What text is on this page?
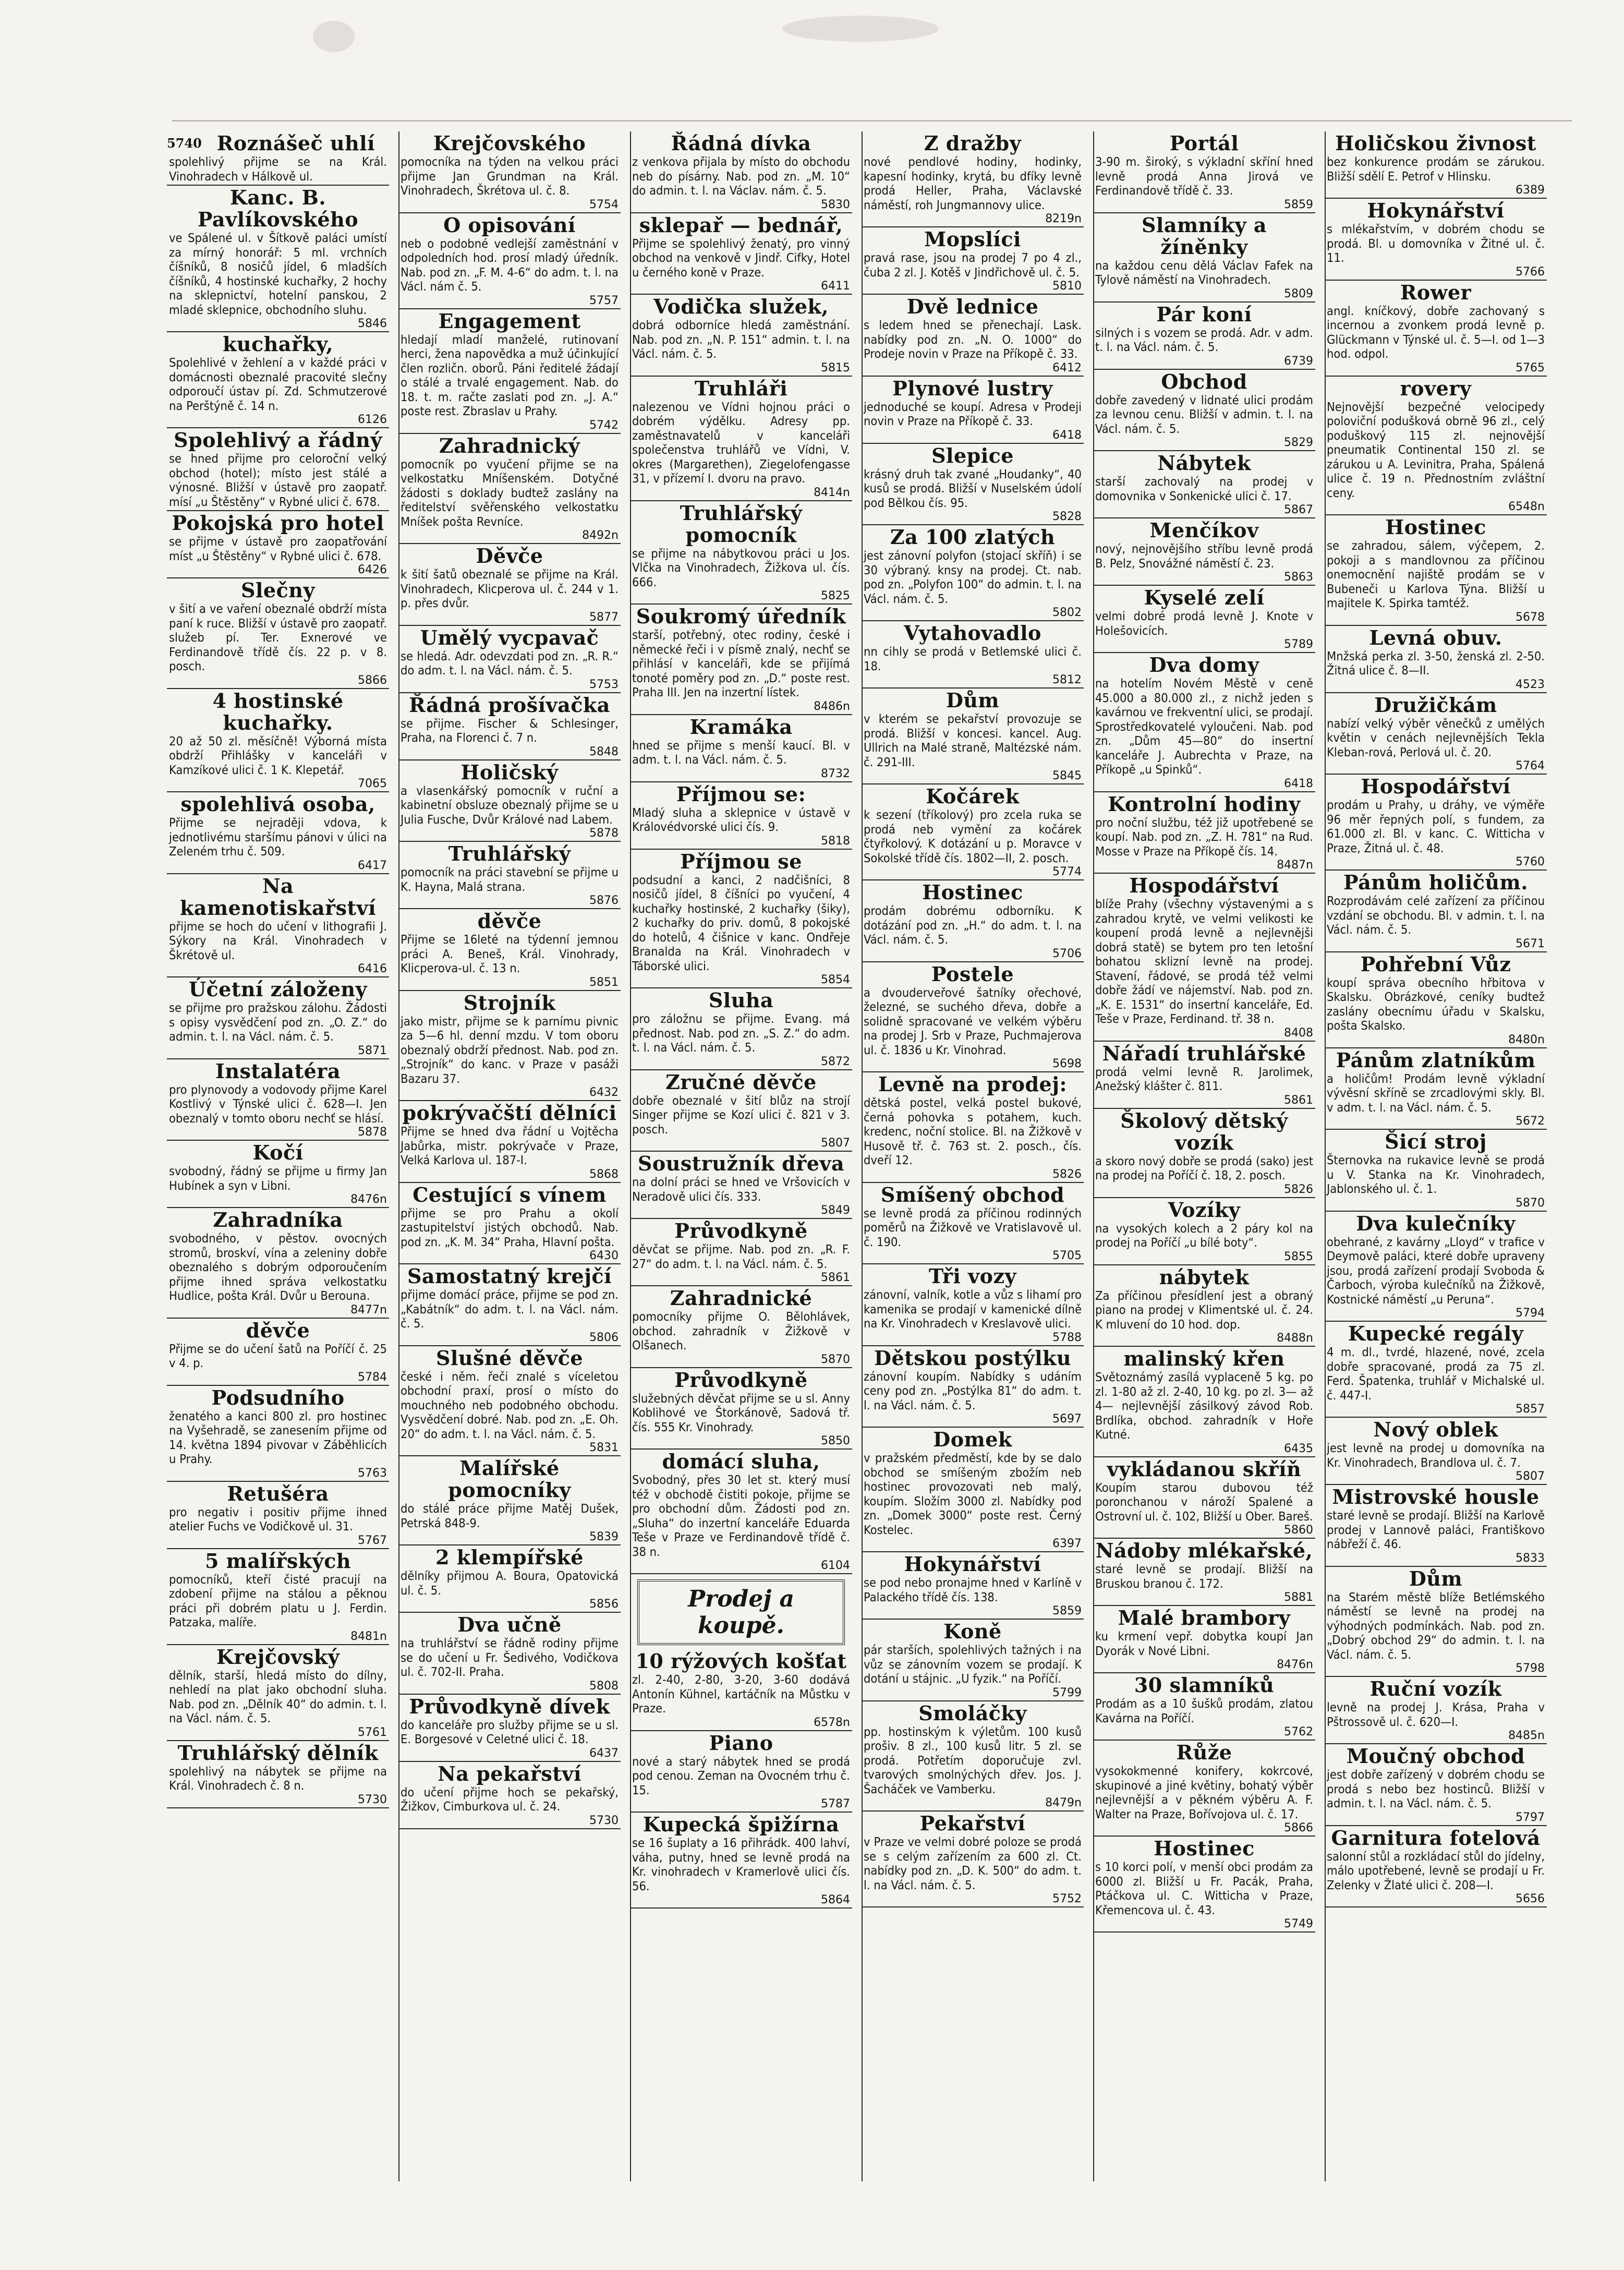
5740 Roznášeč uhlí
spolehlivý přijme se na Král. Vinohradech v Hálkově ul.
Kanc. B. Pavlíkovského
ve Spálené ul. v Šítkově paláci umístí za mírný honorář: 5 ml. vrchních číšníků, 8 nosičů jídel, 6 mladších číšníků, 4 hostinské kuchařky, 2 hochy na sklepnictví, hotelní panskou, 2 mladé sklepnice, obchodního sluhu.
5846
kuchařky,
Spolehlivé v žehlení a v každé práci v domácnosti obeznalé pracovité slečny odporoučí ústav pí. Zd. Schmutzerové na Perštýně č. 14 n.
6126
Spolehlivý a řádný
se hned přijme pro celoroční velký obchod (hotel); místo jest stálé a výnosné. Bližší v ústavě pro zaopatř. mísí „u Štěstěny“ v Rybné ulici č. 678.
Pokojská pro hotel
se přijme v ústavě pro zaopatřování míst „u Štěstěny“ v Rybné ulici č. 678.
6426
Slečny
v šití a ve vaření obeznalé obdrží místa paní k ruce. Bližší v ústavě pro zaopatř. služeb pí. Ter. Exnerové ve Ferdinandově třídě čís. 22 p. v 8. posch.
5866
4 hostinské kuchařky.
20 až 50 zl. měsíčně! Výborná místa obdrží Přihlášky v kanceláři v Kamzíkové ulici č. 1 K. Klepetář.
7065
spolehlivá osoba,
Přijme se nejraději vdova, k jednotlivému staršímu pánovi v úlici na Zeleném trhu č. 509.
6417
Na kamenotiskařství
přijme se hoch do učení v lithografii J. Sýkory na Král. Vinohradech v Škrétově ul.
6416
Účetní záloženy
se přijme pro pražskou zálohu. Žádosti s opisy vysvědčení pod zn. „O. Z.“ do admin. t. l. na Václ. nám. č. 5.
5871
Instalatéra
pro plynovody a vodovody přijme Karel Kostlivý v Týnské ulici č. 628—I. Jen obeznalý v tomto oboru nechť se hlásí.
5878
Kočí
svobodný, řádný se přijme u firmy Jan Hubínek a syn v Libni.
8476n
Zahradníka
svobodného, v pěstov. ovocných stromů, broskví, vína a zeleniny dobře obeznalého s dobrým odporoučením přijme ihned správa velkostatku Hudlice, pošta Král. Dvůr u Berouna.
8477n
děvče
Přijme se do učení šatů na Poříčí č. 25 v 4. p.
5784
Podsudního
ženatého a kanci 800 zl. pro hostinec na Vyšehradě, se zanesením přijme od 14. května 1894 pivovar v Záběhlicích u Prahy.
5763
Retušéra
pro negativ i positiv přijme ihned atelier Fuchs ve Vodičkově ul. 31.
5767
5 malířských
pomocníků, kteří čisté pracují na zdobení přijme na stálou a pěknou práci při dobrém platu u J. Ferdin. Patzaka, malíře.
8481n
Krejčovský
dělník, starší, hledá místo do dílny, nehledí na plat jako obchodní sluha. Nab. pod zn. „Dělník 40“ do admin. t. l. na Václ. nám. č. 5.
5761
Truhlářský dělník
spolehlivý na nábytek se přijme na Král. Vinohradech č. 8 n.
5730
Krejčovského
pomocníka na týden na velkou práci přijme Jan Grundman na Král. Vinohradech, Škrétova ul. č. 8.
5754
O opisování
neb o podobné vedlejší zaměstnání v odpoledních hod. prosí mladý úředník. Nab. pod zn. „F. M. 4-6“ do adm. t. l. na Václ. nám č. 5.
5757
Engagement
hledají mladí manželé, rutinovaní herci, žena napovědka a muž účinkující člen rozličn. oborů. Páni ředitelé žádají o stálé a trvalé engagement. Nab. do 18. t. m. račte zaslati pod zn. „J. A.“ poste rest. Zbraslav u Prahy.
5742
Zahradnický
pomocník po vyučení přijme se na velkostatku Mníšenském. Dotyčné žádosti s doklady budtež zaslány na ředitelství svěřenského velkostatku Mníšek pošta Revníce.
8492n
Děvče
k šití šatů obeznalé se přijme na Král. Vinohradech, Klicperova ul. č. 244 v 1. p. přes dvůr.
5877
Umělý vycpavač
se hledá. Adr. odevzdati pod zn. „R. R.“ do adm. t. l. na Václ. nám. č. 5.
5753
Řádná prošívačka
se přijme. Fischer & Schlesinger, Praha, na Florenci č. 7 n.
5848
Holičský
a vlasenkářský pomocník v ruční a kabinetní obsluze obeznalý přijme se u Julia Fusche, Dvůr Králové nad Labem.
5878
Truhlářský
pomocník na práci stavební se přijme u K. Hayna, Malá strana.
5876
děvče
Přijme se 16leté na týdenní jemnou práci A. Beneš, Král. Vinohrady, Klicperova-ul. č. 13 n.
5851
Strojník
jako mistr, přijme se k parnímu pivnic za 5—6 hl. denní mzdu. V tom oboru obeznalý obdrží přednost. Nab. pod zn. „Strojník“ do kanc. v Praze v pasáži Bazaru 37.
6432
pokrývačští dělníci
Přijme se hned dva řádní u Vojtěcha Jabůrka, mistr. pokrývače v Praze, Velká Karlova ul. 187-I.
5868
Cestující s vínem
přijme se pro Prahu a okolí zastupitelství jistých obchodů. Nab. pod zn. „K. M. 34“ Praha, Hlavní pošta.
6430
Samostatný krejčí
přijme domácí práce, přijme se pod zn. „Kabátník“ do adm. t. l. na Václ. nám. č. 5.
5806
Slušné děvče
české i něm. řeči znalé s víceletou obchodní praxí, prosí o místo do mouchného neb podobného obchodu. Vysvědčení dobré. Nab. pod zn. „E. Oh. 20“ do adm. t. l. na Václ. nám. č. 5.
5831
Malířské pomocníky
do stálé práce přijme Matěj Dušek, Petrská 848-9.
5839
2 klempířské
dělníky přijmou A. Boura, Opatovická ul. č. 5.
5856
Dva učně
na truhlářství se řádně rodiny přijme se do učení u Fr. Šedivého, Vodičkova ul. č. 702-II. Praha.
5808
Průvodkyně dívek
do kanceláře pro služby přijme se u sl. E. Borgesové v Celetné ulici č. 18.
6437
Na pekařství
do učení přijme hoch se pekařský, Žižkov, Cimburkova ul. č. 24.
5730
Řádná dívka
z venkova přijala by místo do obchodu neb do písárny. Nab. pod zn. „M. 10“ do admin. t. l. na Václav. nám. č. 5.
5830
sklepař — bednář,
Přijme se spolehlivý ženatý, pro vinný obchod na venkově v Jindř. Cifky, Hotel u černého koně v Praze.
6411
Vodička služek,
dobrá odborníce hledá zaměstnání. Nab. pod zn. „N. P. 151“ admin. t. l. na Václ. nám. č. 5.
5815
Truhláři
nalezenou ve Vídni hojnou práci o dobrém výdělku. Adresy pp. zaměstnavatelů v kanceláři společenstva truhlářů ve Vídni, V. okres (Margarethen), Ziegelofengasse 31, v přízemí I. dvoru na pravo.
8414n
Truhlářský pomocník
se přijme na nábytkovou práci u Jos. Vlčka na Vinohradech, Žižkova ul. čís. 666.
5825
Soukromý úředník
starší, potřebný, otec rodiny, české i německé řeči i v písmě znalý, nechť se přihlásí v kanceláři, kde se přijímá tonoté poměry pod zn. „D.“ poste rest. Praha III. Jen na inzertní lístek.
8486n
Kramáka
hned se přijme s menší kaucí. Bl. v adm. t. l. na Václ. nám. č. 5.
8732
Příjmou se:
Mladý sluha a sklepnice v ústavě v Královédvorské ulici čís. 9.
5818
Příjmou se
podsudní a kanci, 2 nadčišníci, 8 nosičů jídel, 8 číšníci po vyučení, 4 kuchařky hostinské, 2 kuchařky (šiky), 2 kuchařky do priv. domů, 8 pokojské do hotelů, 4 čišnice v kanc. Ondřeje Branalda na Král. Vinohradech v Táborské ulici.
5854
Sluha
pro záložnu se přijme. Evang. má přednost. Nab. pod zn. „S. Z.“ do adm. t. l. na Václ. nám. č. 5.
5872
Zručné děvče
dobře obeznalé v šití blůz na strojí Singer přijme se Kozí ulici č. 821 v 3. posch.
5807
Soustružník dřeva
na dolní práci se hned ve Vršovicích v Neradově ulici čís. 333.
5849
Průvodkyně
děvčat se přijme. Nab. pod zn. „R. F. 27“ do adm. t. l. na Václ. nám. č. 5.
5861
Zahradnické
pomocníky přijme O. Bělohlávek, obchod. zahradník v Žižkově v Olšanech.
5870
Průvodkyně
služebných děvčat přijme se u sl. Anny Koblihové ve Štorkánově, Sadová tř. čís. 555 Kr. Vinohrady.
5850
domácí sluha,
Svobodný, přes 30 let st. který musí též v obchodě čistiti pokoje, přijme se pro obchodní dům. Žádosti pod zn. „Sluha“ do inzertní kanceláře Eduarda Teše v Praze ve Ferdinandově třídě č. 38 n.
6104
Prodej a koupě.
10 rýžových košťat
zl. 2-40, 2-80, 3-20, 3-60 dodává Antonín Kühnel, kartáčník na Můstku v Praze.
6578n
Piano
nové a starý nábytek hned se prodá pod cenou. Zeman na Ovocném trhu č. 15.
5787
Kupecká špižírna
se 16 šuplaty a 16 přihrádk. 400 lahví, váha, putny, hned se levně prodá na Kr. vinohradech v Kramerlově ulici čís. 56.
5864
Z dražby
nové pendlové hodiny, hodinky, kapesní hodinky, krytá, bu dfíky levně prodá Heller, Praha, Václavské náměstí, roh Jungmannovy ulice.
8219n
Mopslíci
pravá rase, jsou na prodej 7 po 4 zl., čuba 2 zl. J. Kotěš v Jindřichově ul. č. 5.
5810
Dvě lednice
s ledem hned se přenechají. Lask. nabídky pod zn. „N. O. 1000“ do Prodeje novin v Praze na Příkopě č. 33.
6412
Plynové lustry
jednoduché se koupí. Adresa v Prodeji novin v Praze na Příkopě č. 33.
6418
Slepice
krásný druh tak zvané „Houdanky“, 40 kusů se prodá. Bližší v Nuselském údolí pod Bělkou čís. 95.
5828
Za 100 zlatých
jest zánovní polyfon (stojací skříň) i se 30 výbraný. knsy na prodej. Ct. nab. pod zn. „Polyfon 100“ do admin. t. l. na Václ. nám. č. 5.
5802
Vytahovadlo
nn cihly se prodá v Betlemské ulici č. 18.
5812
Dům
v kterém se pekařství provozuje se prodá. Bližší v koncesi. kancel. Aug. Ullrich na Malé straně, Maltézské nám. č. 291-III.
5845
Kočárek
k sezení (tříkolový) pro zcela ruka se prodá neb vymění za kočárek čtyřkolový. K dotázání u p. Moravce v Sokolské třídě čís. 1802—II, 2. posch.
5774
Hostinec
prodám dobrému odborníku. K dotázání pod zn. „H.“ do adm. t. l. na Václ. nám. č. 5.
5706
Postele
a dvouderveřové šatníky ořechové, železné, se suchého dřeva, dobře a solidně spracované ve velkém výběru na prodej J. Srb v Praze, Puchmajerova ul. č. 1836 u Kr. Vinohrad.
5698
Levně na prodej:
dětská postel, velká postel bukové, černá pohovka s potahem, kuch. kredenc, noční stolice. Bl. na Žižkově v Husově tř. č. 763 st. 2. posch., čís. dveří 12.
5826
Smíšený obchod
se levně prodá za příčinou rodinných poměrů na Žižkově ve Vratislavově ul. č. 190.
5705
Tři vozy
zánovní, valník, kotle a vůz s lihamí pro kamenika se prodají v kamenické dílně na Kr. Vinohradech v Kreslavově ulici.
5788
Dětskou postýlku
zánovní koupím. Nabídky s udáním ceny pod zn. „Postýlka 81“ do adm. t. l. na Václ. nám. č. 5.
5697
Domek
v pražském předměstí, kde by se dalo obchod se smíšeným zbožím neb hostinec provozovati neb malý, koupím. Složím 3000 zl. Nabídky pod zn. „Domek 3000“ poste rest. Černý Kostelec.
6397
Hokynářství
se pod nebo pronajme hned v Karlíně v Palackého třídě čís. 138.
5859
Koně
pár starších, spolehlivých tažných i na vůz se zánovním vozem se prodají. K dotání u stájnic. „U fyzik.“ na Poříčí.
5799
Smoláčky
pp. hostinským k výletům. 100 kusů prošiv. 8 zl., 100 kusů litr. 5 zl. se prodá. Potřetím doporučuje zvl. tvarových smolnýchých dřev. Jos. J. Šacháček ve Vamberku.
8479n
Pekařství
v Praze ve velmi dobré poloze se prodá se s celým zařízením za 600 zl. Ct. nabídky pod zn. „D. K. 500“ do adm. t. l. na Václ. nám. č. 5.
5752
Portál
3-90 m. široký, s výkladní skříní hned levně prodá Anna Jirová ve Ferdinandově třídě č. 33.
5859
Slamníky a žíněnky
na každou cenu dělá Václav Fafek na Tylově náměstí na Vinohradech.
5809
Pár koní
silných i s vozem se prodá. Adr. v adm. t. l. na Václ. nám. č. 5.
6739
Obchod
dobře zavedený v lidnaté ulici prodám za levnou cenu. Bližší v admin. t. l. na Václ. nám. č. 5.
5829
Nábytek
starší zachovalý na prodej v domovnika v Sonkenické ulici č. 17.
5867
Menčíkov
nový, nejnovějšího stříbu levně prodá B. Pelz, Snovážné náměstí č. 23.
5863
Kyselé zelí
velmi dobré prodá levně J. Knote v Holešovicích.
5789
Dva domy
na hotelím Novém Městě v ceně 45.000 a 80.000 zl., z nichž jeden s kavárnou ve frekventní ulici, se prodají. Sprostředkovatelé vyloučeni. Nab. pod zn. „Dům 45—80“ do insertní kanceláře J. Aubrechta v Praze, na Příkopě „u Spinků“.
6418
Kontrolní hodiny
pro noční službu, též již upotřebené se koupí. Nab. pod zn. „Z. H. 781“ na Rud. Mosse v Praze na Příkopě čís. 14.
8487n
Hospodářství
blíže Prahy (všechny výstavenými a s zahradou krytě, ve velmi velikosti ke koupení prodá levně a nejlevnějši dobrá statě) se bytem pro ten letošní bohatou sklizní levně na prodej. Stavení, řádové, se prodá též velmi dobře žádí ve nájemství. Nab. pod zn. „K. E. 1531“ do insertní kanceláře, Ed. Teše v Praze, Ferdinand. tř. 38 n.
8408
Nářadí truhlářské
prodá velmi levně R. Jarolimek, Anežský klášter č. 811.
5861
Školový dětský vozík
a skoro nový dobře se prodá (sako) jest na prodej na Poříčí č. 18, 2. posch.
5826
Vozíky
na vysokých kolech a 2 páry kol na prodej na Poříčí „u bílé boty“.
5855
nábytek
Za příčinou přesídlení jest a obraný piano na prodej v Klimentské ul. č. 24. K mluvení do 10 hod. dop.
8488n
malinský křen
Světoznámý zasílá vyplaceně 5 kg. po zl. 1-80 až zl. 2-40, 10 kg. po zl. 3— až 4— nejlevnější zásilkový závod Rob. Brdlíka, obchod. zahradník v Hoře Kutné.
6435
vykládanou skříň
Koupím starou dubovou též poronchanou v nároží Spalené a Ostrovní ul. č. 102, Bližší u Ober. Bareš.
5860
Nádoby mlékařské,
staré levně se prodají. Bližší na Bruskou branou č. 172.
5881
Malé brambory
ku krmení vepř. dobytka koupí Jan Dyorák v Nové Libni.
8476n
30 slamníků
Prodám as a 10 šušků prodám, zlatou Kavárna na Poříčí.
5762
Růže
vysokokmenné konifery, kokrcové, skupinové a jiné květiny, bohatý výběr nejlevnější a v pěkném výběru A. F. Walter na Praze, Bořívojova ul. č. 17.
5866
Hostinec
s 10 korci polí, v menší obci prodám za 6000 zl. Bližší u Fr. Pacák, Praha, Ptáčkova ul. C. Witticha v Praze, Křemencova ul. č. 43.
5749
Holičskou živnost
bez konkurence prodám se zárukou. Bližší sdělí E. Petrof v Hlinsku.
6389
Hokynářství
s mlékařstvím, v dobrém chodu se prodá. Bl. u domovníka v Žitné ul. č. 11.
5766
Rower
angl. kníčkový, dobře zachovaný s incernou a zvonkem prodá levně p. Glückmann v Týnské ul. č. 5—I. od 1—3 hod. odpol.
5765
rovery
Nejnovější bezpečné velocipedy poloviční podušková obrně 96 zl., celý poduškový 115 zl. nejnovější pneumatik Continental 150 zl. se zárukou u A. Levinitra, Praha, Spálená ulice č. 19 n. Přednostním zvláštní ceny.
6548n
Hostinec
se zahradou, sálem, výčepem, 2. pokoji a s mandlovnou za příčinou onemocnění najiště prodám se v Bubeneči u Karlova Týna. Bližší u majitele K. Spirka tamtéž.
5678
Levná obuv.
Mnžská perka zl. 3-50, ženská zl. 2-50. Žitná ulice č. 8—II.
4523
Družičkám
nabízí velký výběr věnečků z umělých květin v cenách nejlevnějších Tekla Kleban-rová, Perlová ul. č. 20.
5764
Hospodářství
prodám u Prahy, u dráhy, ve výměře 96 měr řepných polí, s fundem, za 61.000 zl. Bl. v kanc. C. Witticha v Praze, Žitná ul. č. 48.
5760
Pánům holičům.
Rozprodávám celé zařízení za příčinou vzdání se obchodu. Bl. v admin. t. l. na Václ. nám. č. 5.
5671
Pohřební Vůz
koupí správa obecního hřbitova v Skalsku. Obrázkové, ceníky budtež zaslány obecnímu úřadu v Skalsku, pošta Skalsko.
8480n
Pánům zlatníkům
a holičům! Prodám levně výkladní vývěsní skříně se zrcadlovými skly. Bl. v adm. t. l. na Václ. nám. č. 5.
5672
Šicí stroj
Šternovka na rukavice levně se prodá u V. Stanka na Kr. Vinohradech, Jablonského ul. č. 1.
5870
Dva kulečníky
obehrané, z kavárny „Lloyd“ v trafice v Deymově paláci, které dobře upraveny jsou, prodá zařízení prodají Svoboda & Čarboch, výroba kulečníků na Žižkově, Kostnické náměstí „u Peruna“.
5794
Kupecké regály
4 m. dl., tvrdé, hlazené, nové, zcela dobře spracované, prodá za 75 zl. Ferd. Špatenka, truhlář v Michalské ul. č. 447-I.
5857
Nový oblek
jest levně na prodej u domovníka na Kr. Vinohradech, Brandlova ul. č. 7.
5807
Mistrovské housle
staré levně se prodají. Bližší na Karlově prodej v Lannově paláci, Františkovo nábřeží č. 46.
5833
Dům
na Starém městě blíže Betlémského náměstí se levně na prodej na výhodných podmínkách. Nab. pod zn. „Dobrý obchod 29“ do admin. t. l. na Václ. nám. č. 5.
5798
Ruční vozík
levně na prodej J. Krása, Praha v Pštrossově ul. č. 620—I.
8485n
Moučný obchod
jest dobře zařízený v dobrém chodu se prodá s nebo bez hostinců. Bližší v admin. t. l. na Václ. nám. č. 5.
5797
Garnitura fotelová
salonní stůl a rozkládací stůl do jídelny, málo upotřebené, levně se prodají u Fr. Zelenky v Žlaté ulici č. 208—I.
5656
